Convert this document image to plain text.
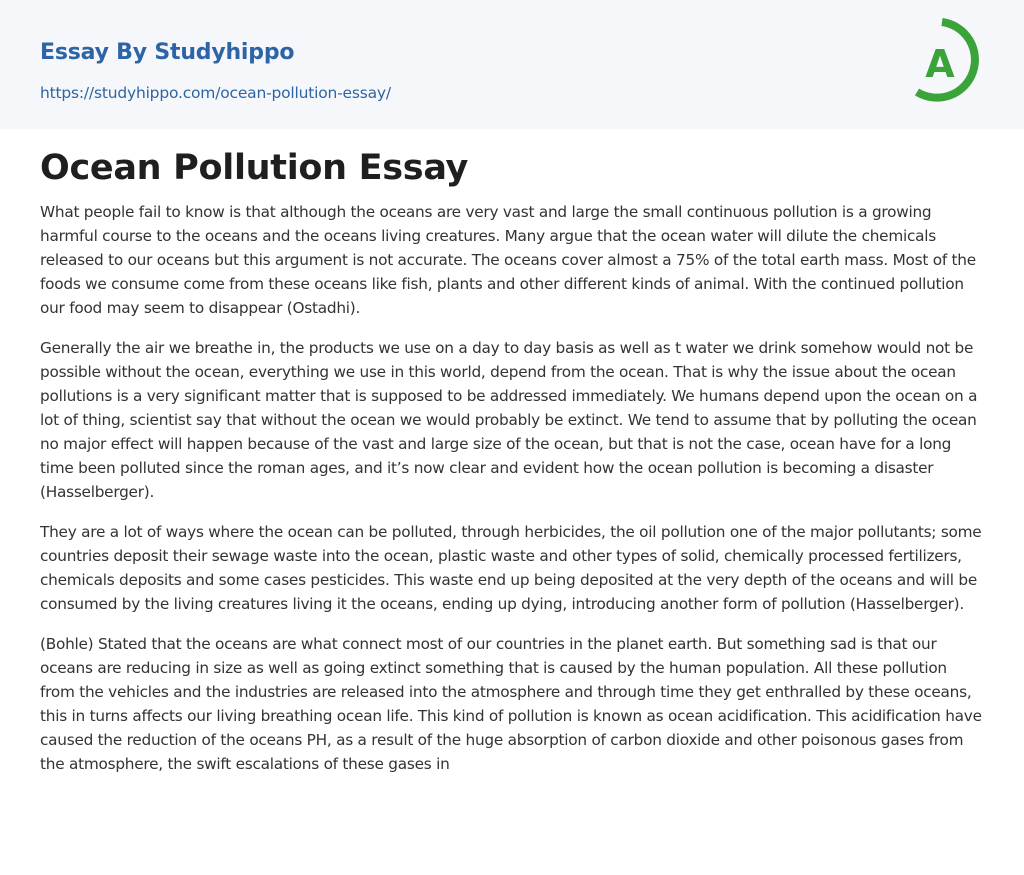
Essay By Studyhippo
https://studyhippo.com/ocean-pollution-essay/
A
Ocean Pollution Essay

What people fail to know is that although the oceans are very vast and large the small continuous pollution is a growing harmful course to the oceans and the oceans living creatures. Many argue that the ocean water will dilute the chemicals released to our oceans but this argument is not accurate. The oceans cover almost a 75% of the total earth mass. Most of the foods we consume come from these oceans like fish, plants and other different kinds of animal. With the continued pollution our food may seem to disappear (Ostadhi).

Generally the air we breathe in, the products we use on a day to day basis as well as t water we drink somehow would not be possible without the ocean, everything we use in this world, depend from the ocean. That is why the issue about the ocean pollutions is a very significant matter that is supposed to be addressed immediately. We humans depend upon the ocean on a lot of thing, scientist say that without the ocean we would probably be extinct. We tend to assume that by polluting the ocean no major effect will happen because of the vast and large size of the ocean, but that is not the case, ocean have for a long time been polluted since the roman ages, and it’s now clear and evident how the ocean pollution is becoming a disaster (Hasselberger).

They are a lot of ways where the ocean can be polluted, through herbicides, the oil pollution one of the major pollutants; some countries deposit their sewage waste into the ocean, plastic waste and other types of solid, chemically processed fertilizers, chemicals deposits and some cases pesticides. This waste end up being deposited at the very depth of the oceans and will be consumed by the living creatures living it the oceans, ending up dying, introducing another form of pollution (Hasselberger).

(Bohle) Stated that the oceans are what connect most of our countries in the planet earth. But something sad is that our oceans are reducing in size as well as going extinct something that is caused by the human population. All these pollution from the vehicles and the industries are released into the atmosphere and through time they get enthralled by these oceans, this in turns affects our living breathing ocean life. This kind of pollution is known as ocean acidification. This acidification have caused the reduction of the oceans PH, as a result of the huge absorption of carbon dioxide and other poisonous gases from the atmosphere, the swift escalations of these gases in
